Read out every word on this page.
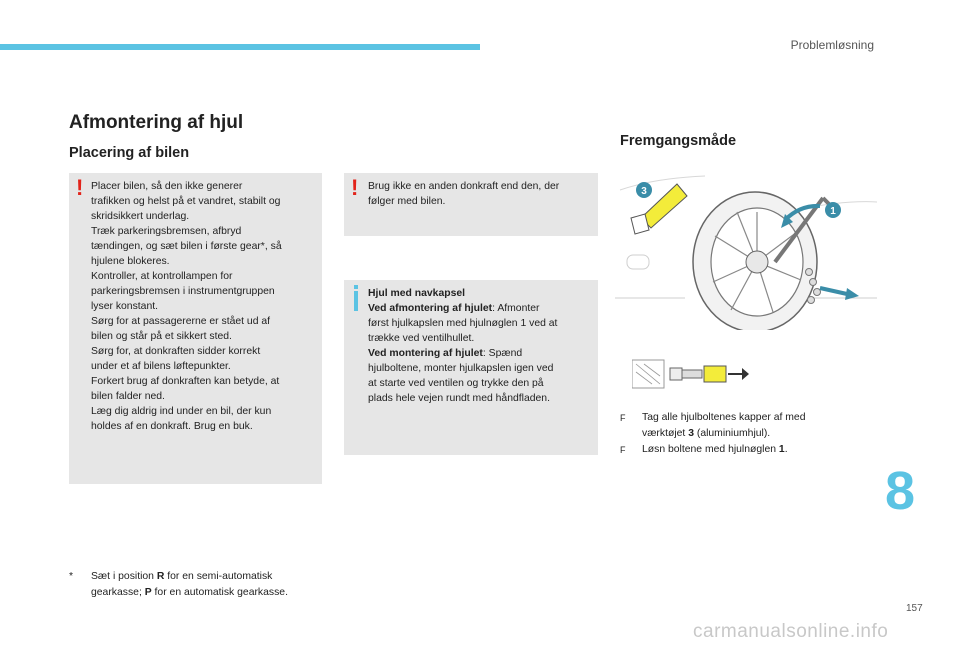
Problemløsning
Afmontering af hjul
Placering af bilen
! Placer bilen, så den ikke generer
trafikken og helst på et vandret, stabilt og
skridsikkert underlag.
Træk parkeringsbremsen, afbryd
tændingen, og sæt bilen i første gear*, så
hjulene blokeres.
Kontroller, at kontrollampen for
parkeringsbremsen i instrumentgruppen
lyser konstant.
Sørg for at passagererne er stået ud af
bilen og står på et sikkert sted.
Sørg for, at donkraften sidder korrekt
under et af bilens løftepunkter.
Forkert brug af donkraften kan betyde, at
bilen falder ned.
Læg dig aldrig ind under en bil, der kun
holdes af en donkraft. Brug en buk.
! Brug ikke en anden donkraft end den, der
følger med bilen.
Hjul med navkapsel
Ved afmontering af hjulet: Afmonter
først hjulkapslen med hjulnøglen 1 ved at
trække ved ventilhullet.
Ved montering af hjulet: Spænd
hjulboltene, monter hjulkapslen igen ved
at starte ved ventilen og trykke den på
plads hele vejen rundt med håndfladen.
* Sæt i position R for en semi-automatisk
gearkasse; P for en automatisk gearkasse.
Fremgangsmåde
3
1
F Tag alle hjulboltenes kapper af med
værktøjet 3 (aluminiumhjul).
F Løsn boltene med hjulnøglen 1.
8
157
carmanualsonline.info
